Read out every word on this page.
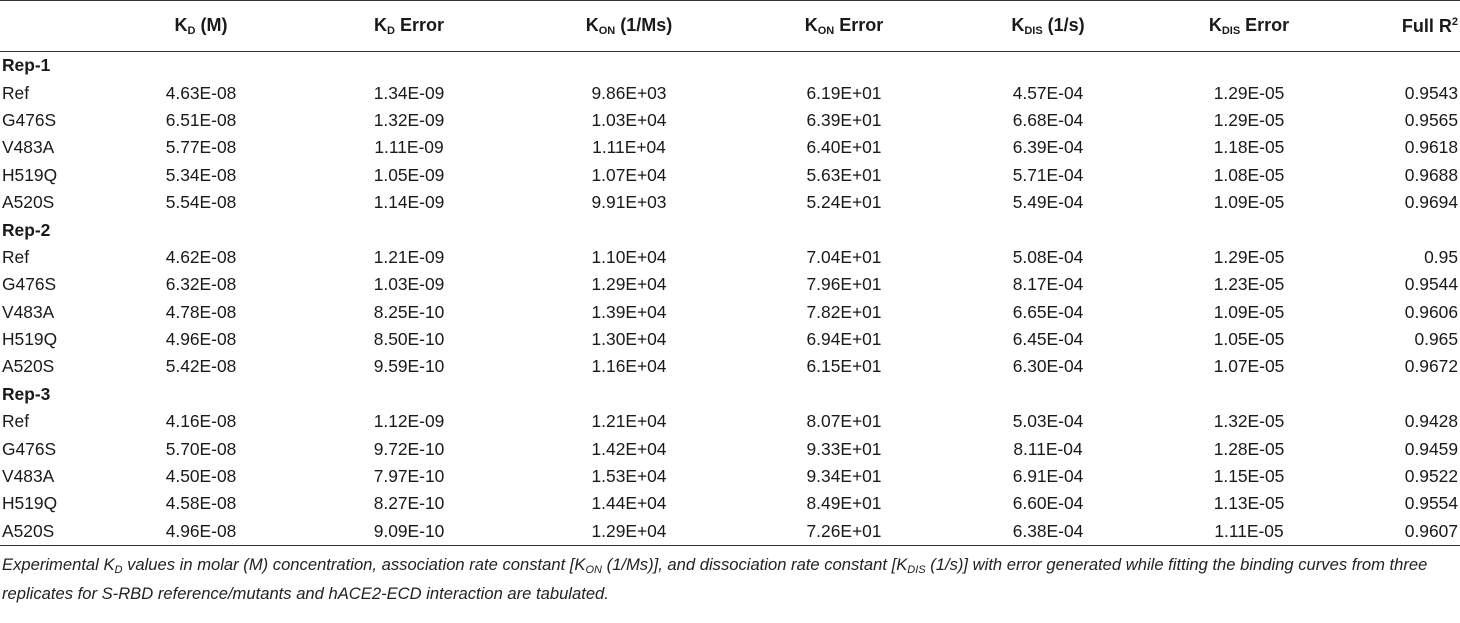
	$K_D$ (M)	$K_D$ Error	$K_{ON}$ (1/Ms)	$K_{ON}$ Error	$K_{DIS}$ (1/s)	$K_{DIS}$ Error	Full $R^2$
Rep-1							
Ref	4.63E-08	1.34E-09	9.86E+03	6.19E+01	4.57E-04	1.29E-05	0.9543
G476S	6.51E-08	1.32E-09	1.03E+04	6.39E+01	6.68E-04	1.29E-05	0.9565
V483A	5.77E-08	1.11E-09	1.11E+04	6.40E+01	6.39E-04	1.18E-05	0.9618
H519Q	5.34E-08	1.05E-09	1.07E+04	5.63E+01	5.71E-04	1.08E-05	0.9688
A520S	5.54E-08	1.14E-09	9.91E+03	5.24E+01	5.49E-04	1.09E-05	0.9694
Rep-2							
Ref	4.62E-08	1.21E-09	1.10E+04	7.04E+01	5.08E-04	1.29E-05	0.95
G476S	6.32E-08	1.03E-09	1.29E+04	7.96E+01	8.17E-04	1.23E-05	0.9544
V483A	4.78E-08	8.25E-10	1.39E+04	7.82E+01	6.65E-04	1.09E-05	0.9606
H519Q	4.96E-08	8.50E-10	1.30E+04	6.94E+01	6.45E-04	1.05E-05	0.965
A520S	5.42E-08	9.59E-10	1.16E+04	6.15E+01	6.30E-04	1.07E-05	0.9672
Rep-3							
Ref	4.16E-08	1.12E-09	1.21E+04	8.07E+01	5.03E-04	1.32E-05	0.9428
G476S	5.70E-08	9.72E-10	1.42E+04	9.33E+01	8.11E-04	1.28E-05	0.9459
V483A	4.50E-08	7.97E-10	1.53E+04	9.34E+01	6.91E-04	1.15E-05	0.9522
H519Q	4.58E-08	8.27E-10	1.44E+04	8.49E+01	6.60E-04	1.13E-05	0.9554
A520S	4.96E-08	9.09E-10	1.29E+04	7.26E+01	6.38E-04	1.11E-05	0.9607
Experimental $K_D$ values in molar (M) concentration, association rate constant [$K_{ON}$ (1/Ms)], and dissociation rate constant [$K_{DIS}$ (1/s)] with error generated while fitting the binding curves from three replicates for S-RBD reference/mutants and hACE2-ECD interaction are tabulated.
